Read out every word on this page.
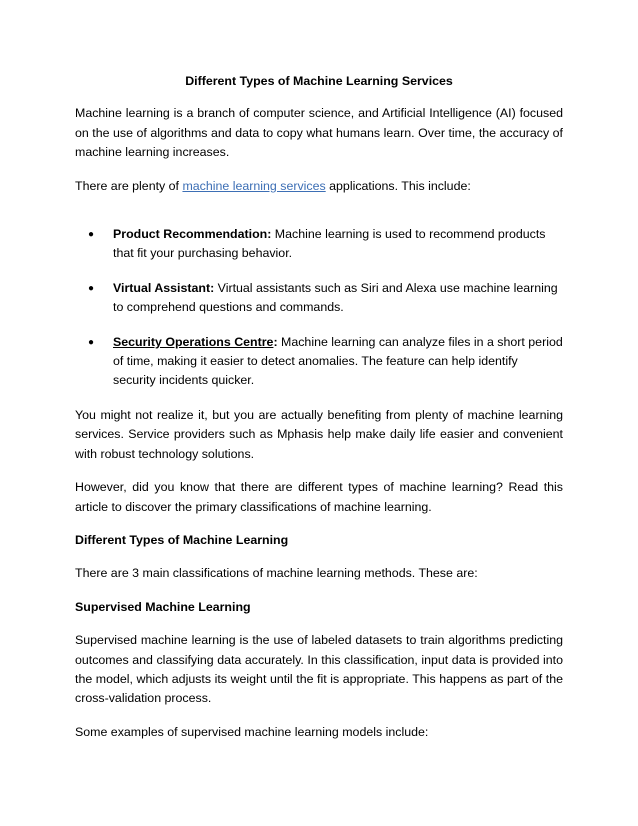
Different Types of Machine Learning Services

Machine learning is a branch of computer science, and Artificial Intelligence (AI) focused on the use of algorithms and data to copy what humans learn. Over time, the accuracy of machine learning increases.

There are plenty of machine learning services applications. This include:

● Product Recommendation: Machine learning is used to recommend products that fit your purchasing behavior.
● Virtual Assistant: Virtual assistants such as Siri and Alexa use machine learning to comprehend questions and commands.
● Security Operations Centre: Machine learning can analyze files in a short period of time, making it easier to detect anomalies. The feature can help identify security incidents quicker.

You might not realize it, but you are actually benefiting from plenty of machine learning services. Service providers such as Mphasis help make daily life easier and convenient with robust technology solutions.

However, did you know that there are different types of machine learning? Read this article to discover the primary classifications of machine learning.

Different Types of Machine Learning

There are 3 main classifications of machine learning methods. These are:

Supervised Machine Learning

Supervised machine learning is the use of labeled datasets to train algorithms predicting outcomes and classifying data accurately. In this classification, input data is provided into the model, which adjusts its weight until the fit is appropriate. This happens as part of the cross-validation process.

Some examples of supervised machine learning models include:
